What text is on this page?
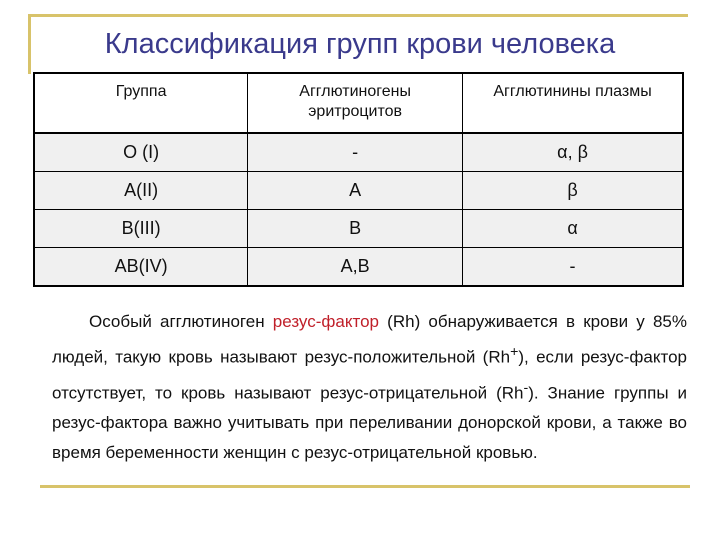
Классификация групп крови человека
Группа	Агглютиногены эритроцитов	Агглютинины плазмы
О (I)	-	α, β
А(II)	А	β
В(III)	В	α
АВ(IV)	А,В	-
Особый агглютиноген резус-фактор (Rh) обнаруживается в крови у 85% людей, такую кровь называют резус-положительной (Rh+), если резус-фактор отсутствует, то кровь называют резус-отрицательной (Rh-). Знание группы и резус-фактора важно учитывать при переливании донорской крови, а также во время беременности женщин с резус-отрицательной кровью.
